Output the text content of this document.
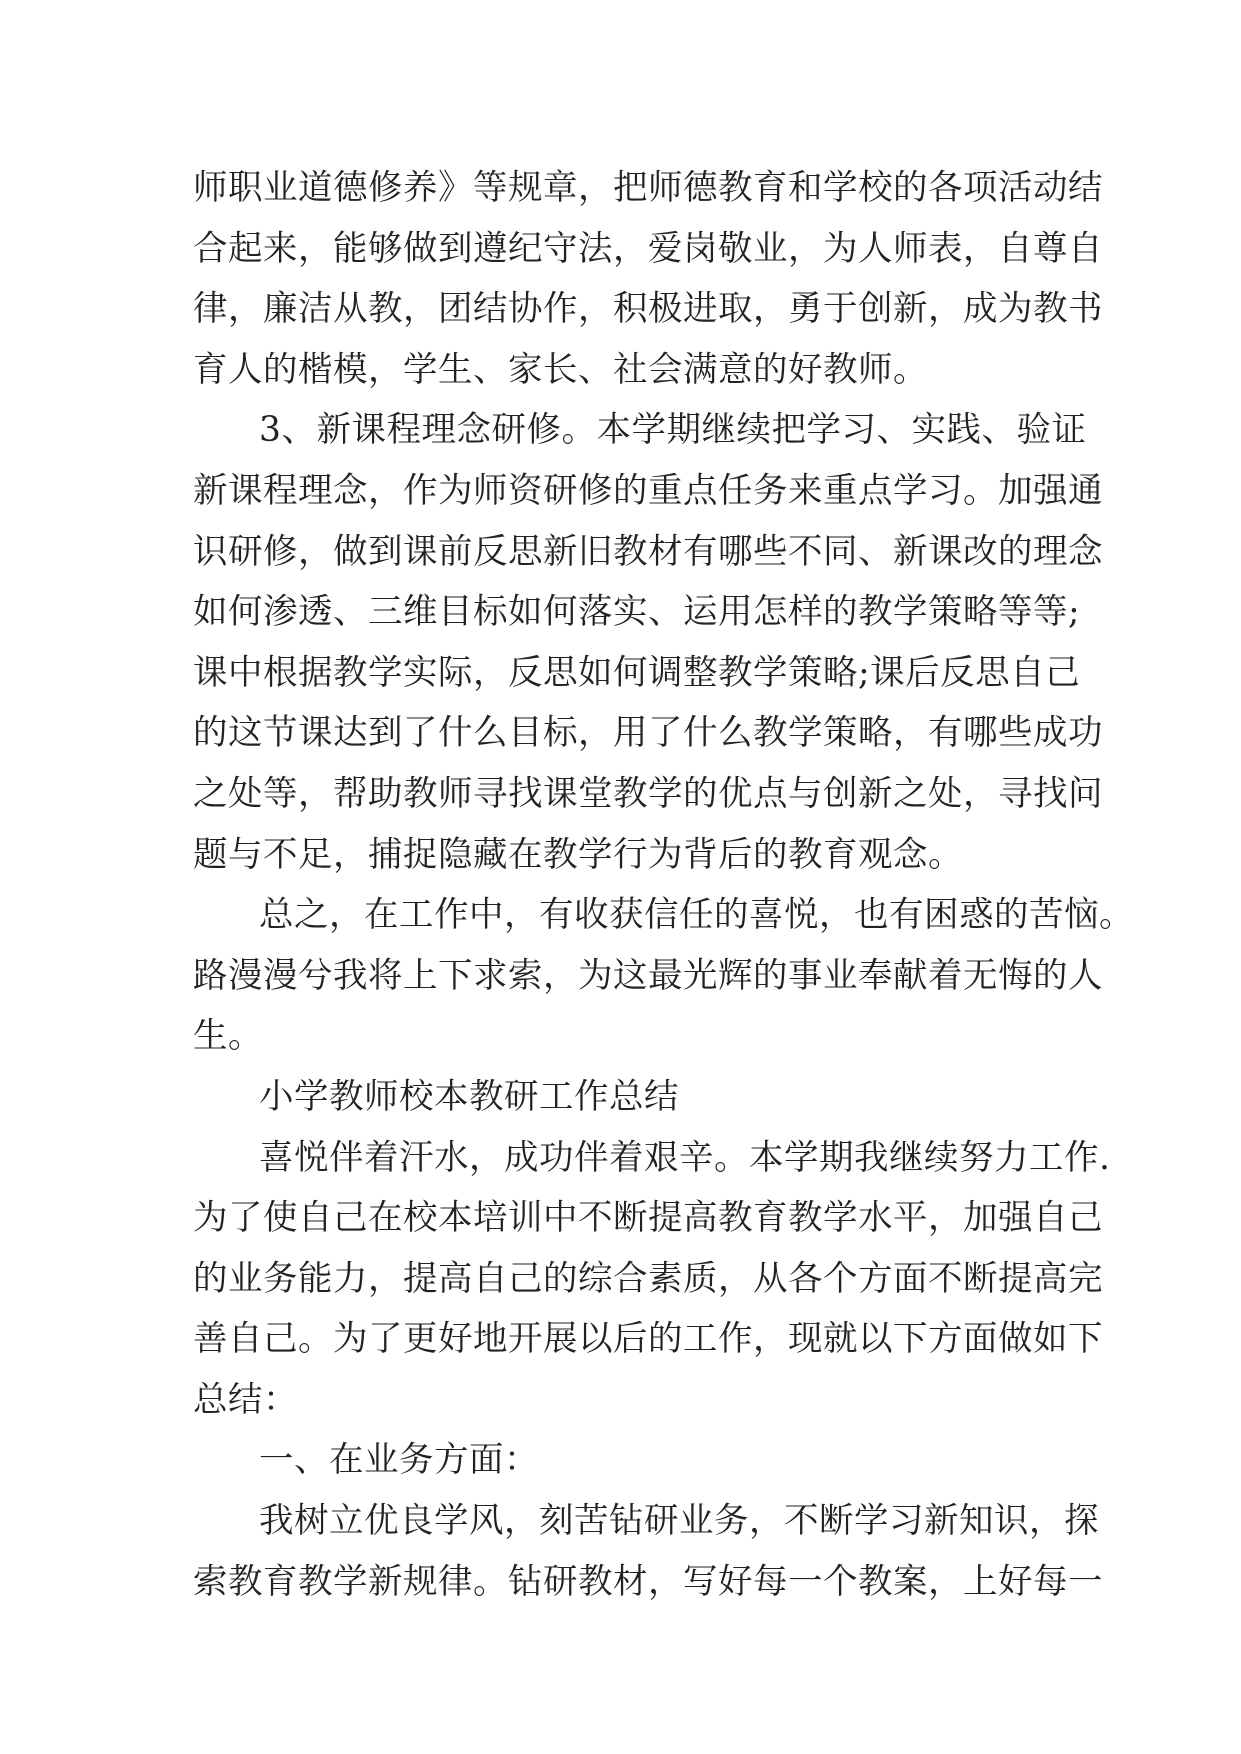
师职业道德修养》等规章，把师德教育和学校的各项活动结
合起来，能够做到遵纪守法，爱岗敬业，为人师表，自尊自
律，廉洁从教，团结协作，积极进取，勇于创新，成为教书
育人的楷模，学生、家长、社会满意的好教师。
3、新课程理念研修。本学期继续把学习、实践、验证
新课程理念，作为师资研修的重点任务来重点学习。加强通
识研修，做到课前反思新旧教材有哪些不同、新课改的理念
如何渗透、三维目标如何落实、运用怎样的教学策略等等;
课中根据教学实际，反思如何调整教学策略;课后反思自己
的这节课达到了什么目标，用了什么教学策略，有哪些成功
之处等，帮助教师寻找课堂教学的优点与创新之处，寻找问
题与不足，捕捉隐藏在教学行为背后的教育观念。
总之，在工作中，有收获信任的喜悦，也有困惑的苦恼。
路漫漫兮我将上下求索，为这最光辉的事业奉献着无悔的人
生。
小学教师校本教研工作总结
喜悦伴着汗水，成功伴着艰辛。本学期我继续努力工作.
为了使自己在校本培训中不断提高教育教学水平，加强自己
的业务能力，提高自己的综合素质，从各个方面不断提高完
善自己。为了更好地开展以后的工作，现就以下方面做如下
总结：
一、在业务方面：
我树立优良学风，刻苦钻研业务，不断学习新知识，探
索教育教学新规律。钻研教材，写好每一个教案，上好每一
